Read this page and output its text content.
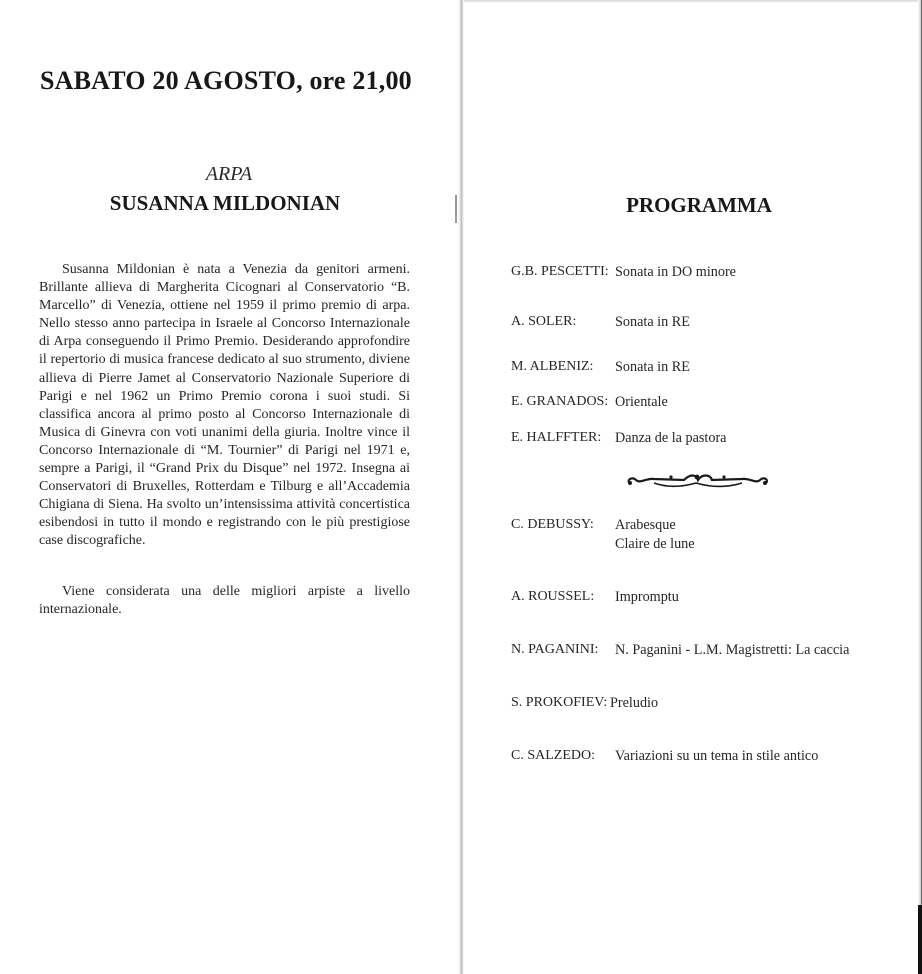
SABATO 20 AGOSTO, ore 21,00

ARPA

SUSANNA MILDONIAN

Susanna Mildonian è nata a Venezia da genitori armeni. Brillante allieva di Margherita Cicognari al Conservatorio “B. Marcello” di Venezia, ottiene nel 1959 il primo premio di arpa. Nello stesso anno partecipa in Israele al Concorso Internazionale di Arpa conseguendo il Primo Premio. Desiderando approfondire il repertorio di musica francese dedicato al suo strumento, diviene allieva di Pierre Jamet al Conservatorio Nazionale Superiore di Parigi e nel 1962 un Primo Premio corona i suoi studi. Si classifica ancora al primo posto al Concorso Internazionale di Musica di Ginevra con voti unanimi della giuria. Inoltre vince il Concorso Internazionale di “M. Tournier” di Parigi nel 1971 e, sempre a Parigi, il “Grand Prix du Disque” nel 1972. Insegna ai Conservatori di Bruxelles, Rotterdam e Tilburg e all’Accademia Chigiana di Siena. Ha svolto un’intensissima attività concertistica esibendosi in tutto il mondo e registrando con le più prestigiose case discografiche.

Viene considerata una delle migliori arpiste a livello internazionale.

PROGRAMMA
G.B. PESCETTI: Sonata in DO minore
A. SOLER:	Sonata in RE
M. ALBENIZ: Sonata in RE
E. GRANADOS: Orientale
E. HALFFTER: Danza de la pastora
C. DEBUSSY: Arabesque
Claire de lune
A. ROUSSEL: Impromptu
N. PAGANINI: N. Paganini - L.M. Magistretti: La caccia
S. PROKOFIEV: Preludio
C. SALZEDO: Variazioni su un tema in stile antico
